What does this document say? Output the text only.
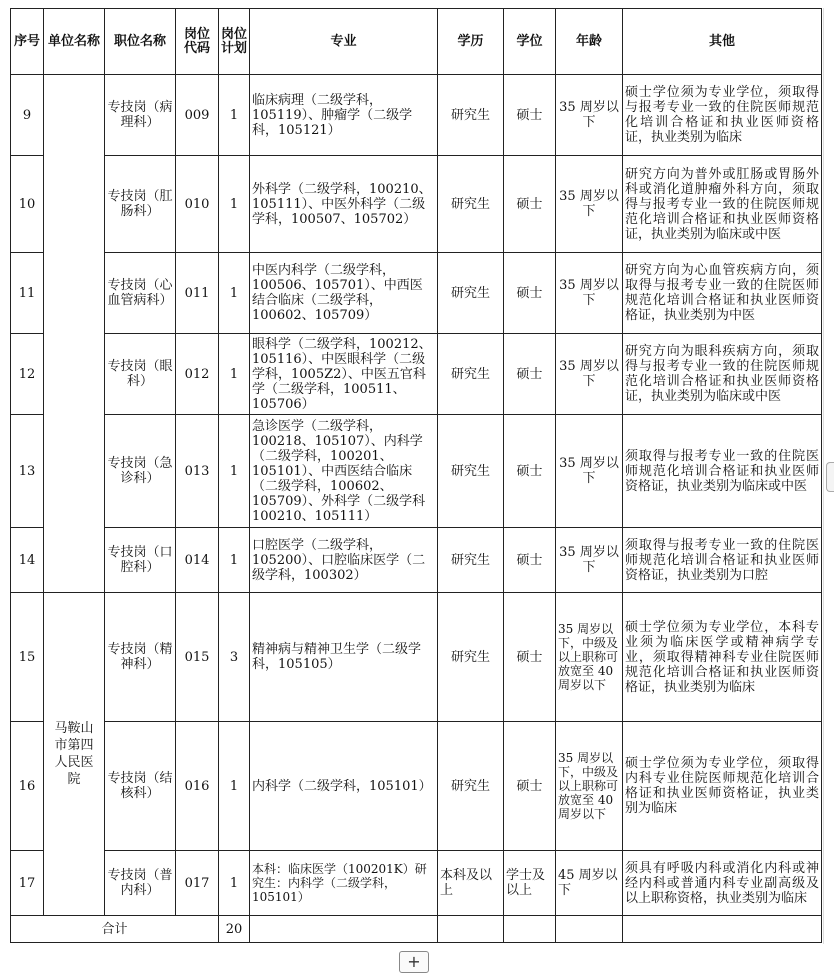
序号	单位名称	职位名称	岗位代码	岗位计划	专业	学历	学位	年龄	其他
9		专技岗（病理科）	009	1	临床病理（二级学科，105119）、肿瘤学（二级学科，105121）	研究生	硕士	35 周岁以下	硕士学位须为专业学位，须取得与报考专业一致的住院医师规范化培训合格证和执业医师资格证，执业类别为临床
10		专技岗（肛肠科）	010	1	外科学（二级学科，100210、105111）、中医外科学（二级学科，100507、105702）	研究生	硕士	35 周岁以下	研究方向为普外或肛肠或胃肠外科或消化道肿瘤外科方向，须取得与报考专业一致的住院医师规范化培训合格证和执业医师资格证，执业类别为临床或中医
11		专技岗（心血管病科）	011	1	中医内科学（二级学科，100506、105701）、中西医结合临床（二级学科，100602、105709）	研究生	硕士	35 周岁以下	研究方向为心血管疾病方向，须取得与报考专业一致的住院医师规范化培训合格证和执业医师资格证，执业类别为中医
12		专技岗（眼科）	012	1	眼科学（二级学科，100212、105116）、中医眼科学（二级学科，1005Z2）、中医五官科学（二级学科，100511、105706）	研究生	硕士	35 周岁以下	研究方向为眼科疾病方向，须取得与报考专业一致的住院医师规范化培训合格证和执业医师资格证，执业类别为临床或中医
13		专技岗（急诊科）	013	1	急诊医学（二级学科，100218、105107）、内科学（二级学科，100201、105101）、中西医结合临床（二级学科，100602、105709）、外科学（二级学科 100210、105111）	研究生	硕士	35 周岁以下	须取得与报考专业一致的住院医师规范化培训合格证和执业医师资格证，执业类别为临床或中医
14		专技岗（口腔科）	014	1	口腔医学（二级学科，105200）、口腔临床医学（二级学科，100302）	研究生	硕士	35 周岁以下	须取得与报考专业一致的住院医师规范化培训合格证和执业医师资格证，执业类别为口腔
15	马鞍山市第四人民医院	专技岗（精神科）	015	3	精神病与精神卫生学（二级学科，105105）	研究生	硕士	35 周岁以下，中级及以上职称可放宽至 40 周岁以下	硕士学位须为专业学位，本科专业须为临床医学或精神病学专业，须取得精神科专业住院医师规范化培训合格证和执业医师资格证，执业类别为临床
16		专技岗（结核科）	016	1	内科学（二级学科，105101）	研究生	硕士	35 周岁以下，中级及以上职称可放宽至 40 周岁以下	硕士学位须为专业学位，须取得内科专业住院医师规范化培训合格证和执业医师资格证，执业类别为临床
17		专技岗（普内科）	017	1	本科：临床医学（100201K）研究生：内科学（二级学科，105101）	本科及以上	学士及以上	45 周岁以下	须具有呼吸内科或消化内科或神经内科或普通内科专业副高级及以上职称资格，执业类别为临床
合计				20					
+
